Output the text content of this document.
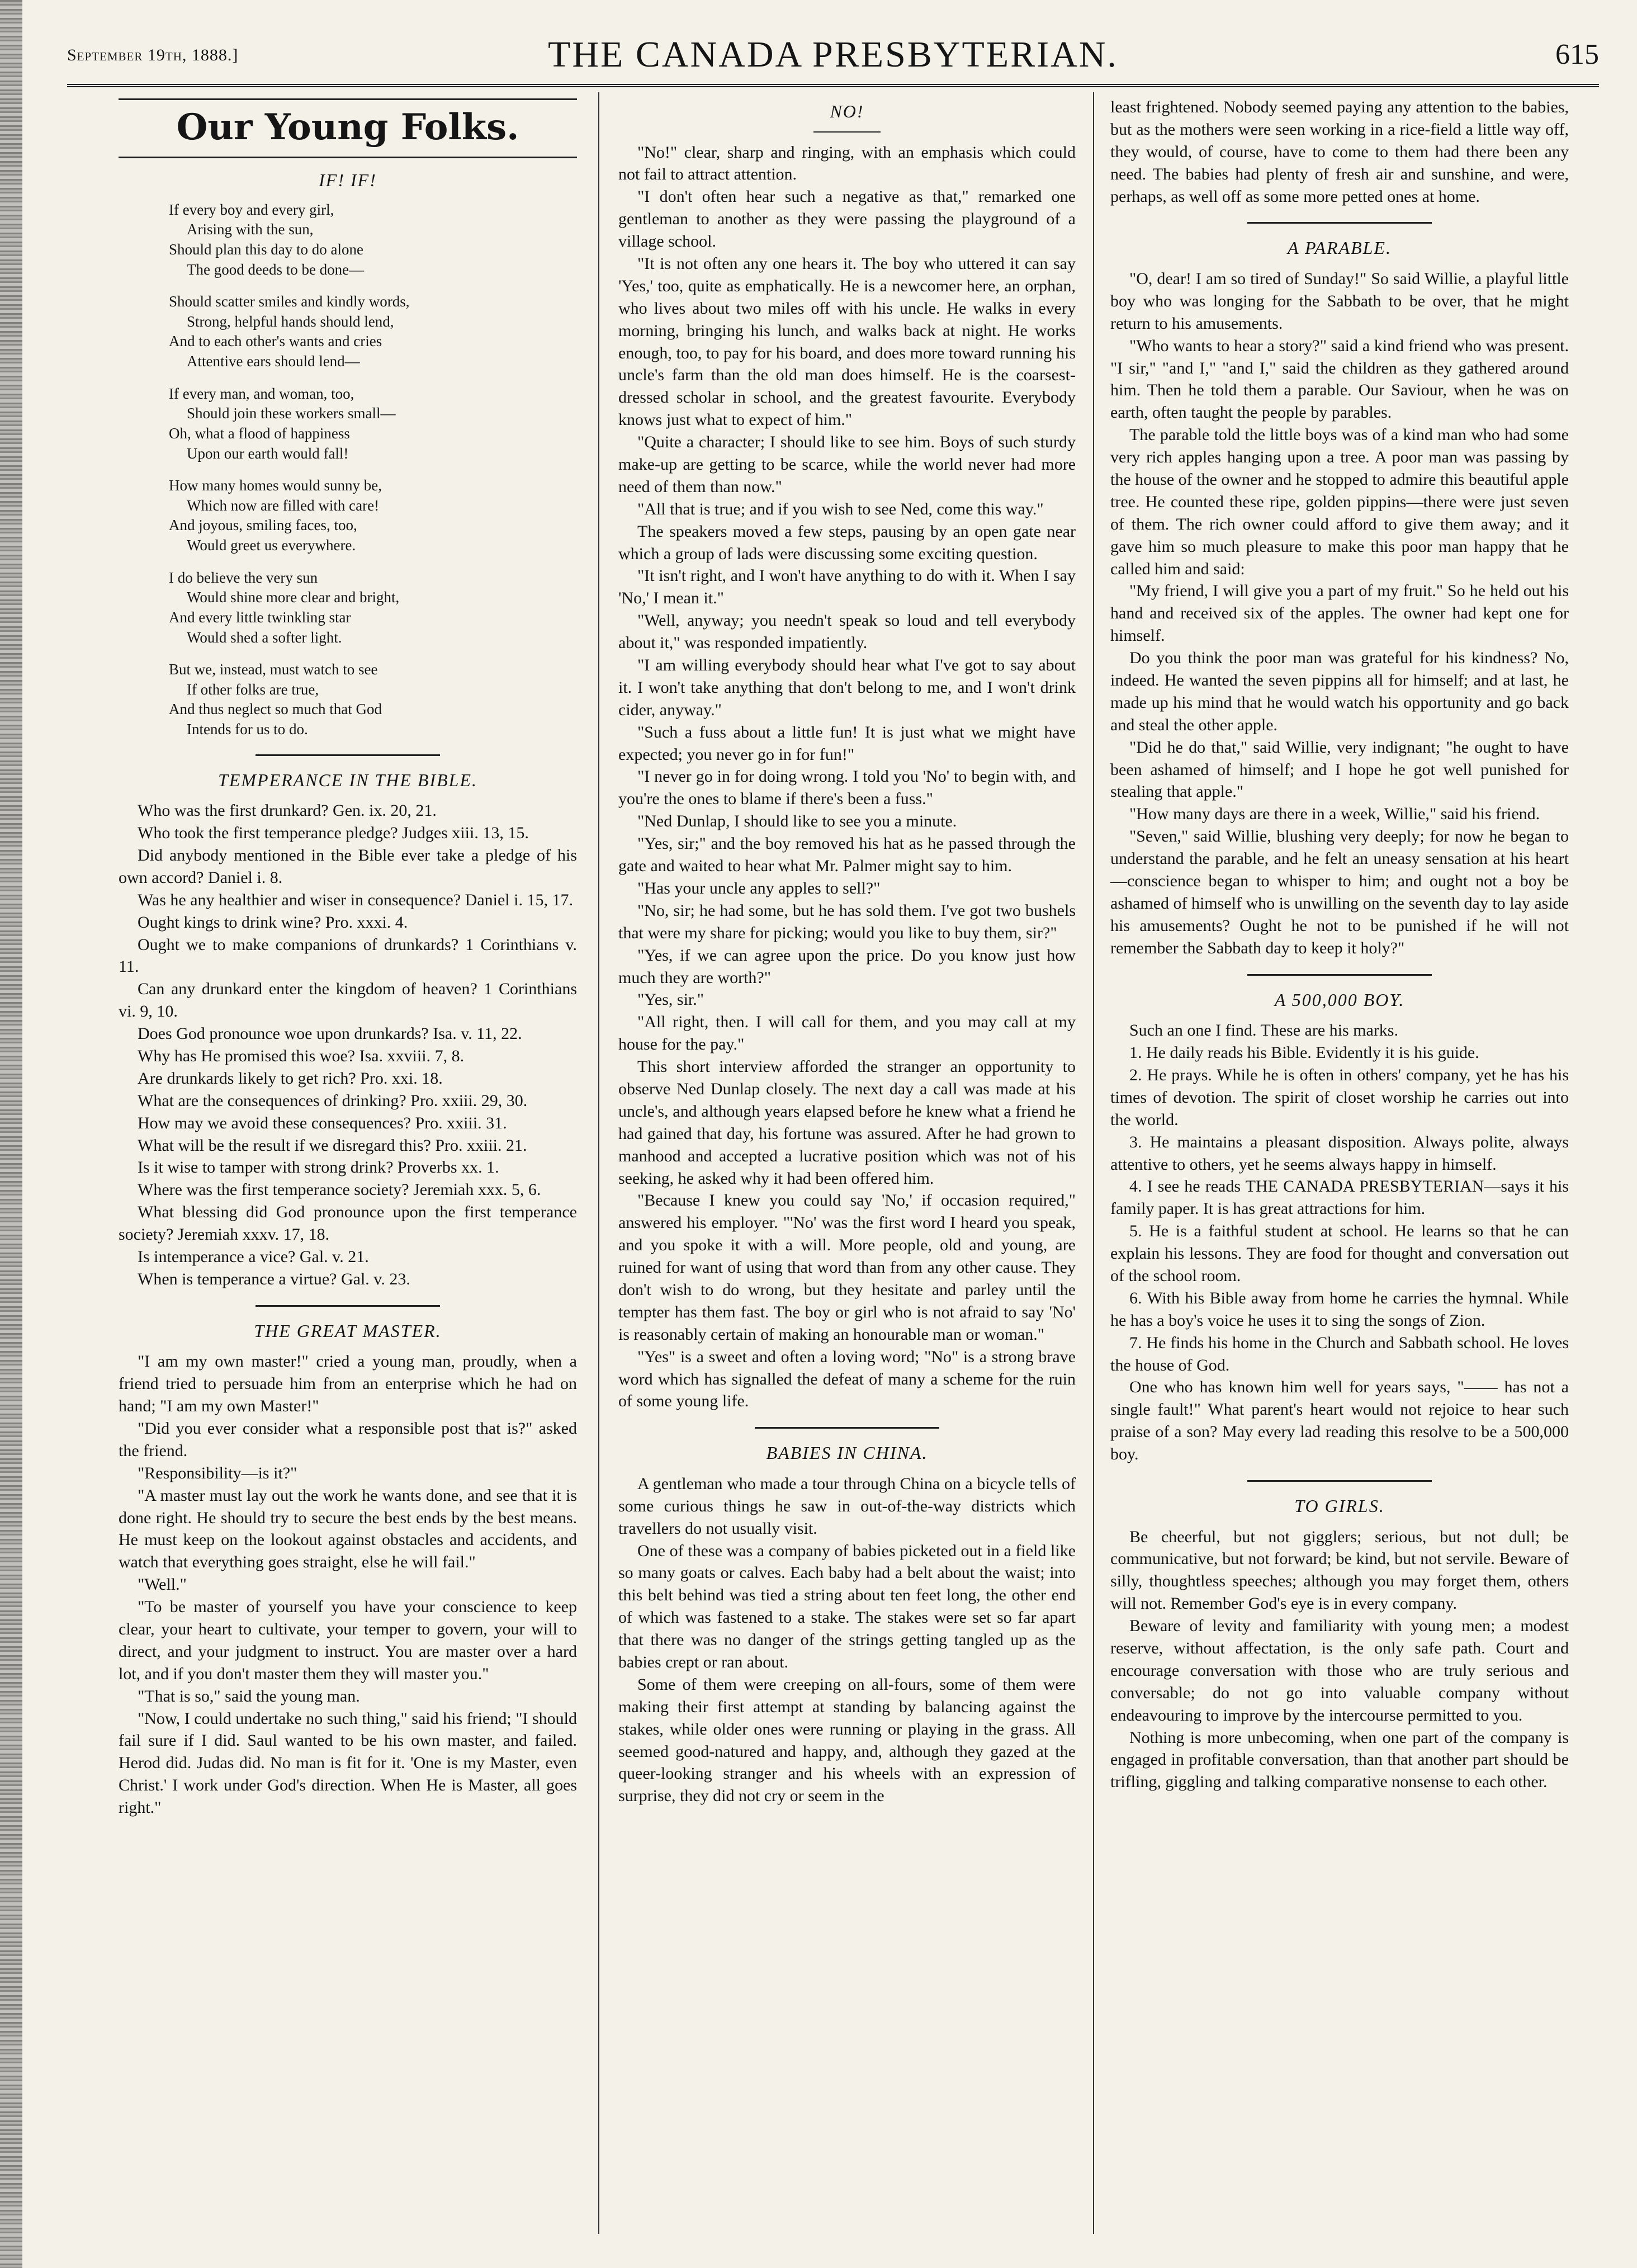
September 19th, 1888.]	THE CANADA PRESBYTERIAN.	615
Our Young Folks.
IF! IF!
If every boy and every girl,
Arising with the sun,
Should plan this day to do alone
The good deeds to be done—
Should scatter smiles and kindly words,
Strong, helpful hands should lend,
And to each other's wants and cries
Attentive ears should lend—
If every man, and woman, too,
Should join these workers small—
Oh, what a flood of happiness
Upon our earth would fall!
How many homes would sunny be,
Which now are filled with care!
And joyous, smiling faces, too,
Would greet us everywhere.
I do believe the very sun
Would shine more clear and bright,
And every little twinkling star
Would shed a softer light.
But we, instead, must watch to see
If other folks are true,
And thus neglect so much that God
Intends for us to do.
TEMPERANCE IN THE BIBLE.
Who was the first drunkard? Gen. ix. 20, 21.
Who took the first temperance pledge? Judges xiii. 13, 15.
Did anybody mentioned in the Bible ever take a pledge of his own accord? Daniel i. 8.
Was he any healthier and wiser in consequence? Daniel i. 15, 17.
Ought kings to drink wine? Pro. xxxi. 4.
Ought we to make companions of drunkards? 1 Corinthians v. 11.
Can any drunkard enter the kingdom of heaven? 1 Corinthians vi. 9, 10.
Does God pronounce woe upon drunkards? Isa. v. 11, 22.
Why has He promised this woe? Isa. xxviii. 7, 8.
Are drunkards likely to get rich? Pro. xxi. 18.
What are the consequences of drinking? Pro. xxiii. 29, 30.
How may we avoid these consequences? Pro. xxiii. 31.
What will be the result if we disregard this? Pro. xxiii. 21.
Is it wise to tamper with strong drink? Proverbs xx. 1.
Where was the first temperance society? Jeremiah xxx. 5, 6.
What blessing did God pronounce upon the first temperance society? Jeremiah xxxv. 17, 18.
Is intemperance a vice? Gal. v. 21.
When is temperance a virtue? Gal. v. 23.
THE GREAT MASTER.
"I am my own master!" cried a young man, proudly, when a friend tried to persuade him from an enterprise which he had on hand; "I am my own Master!"
"Did you ever consider what a responsible post that is?" asked the friend.
"Responsibility—is it?"
"A master must lay out the work he wants done, and see that it is done right. He should try to secure the best ends by the best means. He must keep on the lookout against obstacles and accidents, and watch that everything goes straight, else he will fail."
"Well."
"To be master of yourself you have your conscience to keep clear, your heart to cultivate, your temper to govern, your will to direct, and your judgment to instruct. You are master over a hard lot, and if you don't master them they will master you."
"That is so," said the young man.
"Now, I could undertake no such thing," said his friend; "I should fail sure if I did. Saul wanted to be his own master, and failed. Herod did. Judas did. No man is fit for it. 'One is my Master, even Christ.' I work under God's direction. When He is Master, all goes right."
NO!
"No!" clear, sharp and ringing, with an emphasis which could not fail to attract attention.
"I don't often hear such a negative as that," remarked one gentleman to another as they were passing the playground of a village school.
"It is not often any one hears it. The boy who uttered it can say 'Yes,' too, quite as emphatically. He is a newcomer here, an orphan, who lives about two miles off with his uncle. He walks in every morning, bringing his lunch, and walks back at night. He works enough, too, to pay for his board, and does more toward running his uncle's farm than the old man does himself. He is the coarsest-dressed scholar in school, and the greatest favourite. Everybody knows just what to expect of him."
"Quite a character; I should like to see him. Boys of such sturdy make-up are getting to be scarce, while the world never had more need of them than now."
"All that is true; and if you wish to see Ned, come this way."
The speakers moved a few steps, pausing by an open gate near which a group of lads were discussing some exciting question.
"It isn't right, and I won't have anything to do with it. When I say 'No,' I mean it."
"Well, anyway; you needn't speak so loud and tell everybody about it," was responded impatiently.
"I am willing everybody should hear what I've got to say about it. I won't take anything that don't belong to me, and I won't drink cider, anyway."
"Such a fuss about a little fun! It is just what we might have expected; you never go in for fun!"
"I never go in for doing wrong. I told you 'No' to begin with, and you're the ones to blame if there's been a fuss."
"Ned Dunlap, I should like to see you a minute.
"Yes, sir;" and the boy removed his hat as he passed through the gate and waited to hear what Mr. Palmer might say to him.
"Has your uncle any apples to sell?"
"No, sir; he had some, but he has sold them. I've got two bushels that were my share for picking; would you like to buy them, sir?"
"Yes, if we can agree upon the price. Do you know just how much they are worth?"
"Yes, sir."
"All right, then. I will call for them, and you may call at my house for the pay."
This short interview afforded the stranger an opportunity to observe Ned Dunlap closely. The next day a call was made at his uncle's, and although years elapsed before he knew what a friend he had gained that day, his fortune was assured. After he had grown to manhood and accepted a lucrative position which was not of his seeking, he asked why it had been offered him.
"Because I knew you could say 'No,' if occasion required," answered his employer. "'No' was the first word I heard you speak, and you spoke it with a will. More people, old and young, are ruined for want of using that word than from any other cause. They don't wish to do wrong, but they hesitate and parley until the tempter has them fast. The boy or girl who is not afraid to say 'No' is reasonably certain of making an honourable man or woman."
"Yes" is a sweet and often a loving word; "No" is a strong brave word which has signalled the defeat of many a scheme for the ruin of some young life.
BABIES IN CHINA.
A gentleman who made a tour through China on a bicycle tells of some curious things he saw in out-of-the-way districts which travellers do not usually visit.
One of these was a company of babies picketed out in a field like so many goats or calves. Each baby had a belt about the waist; into this belt behind was tied a string about ten feet long, the other end of which was fastened to a stake. The stakes were set so far apart that there was no danger of the strings getting tangled up as the babies crept or ran about.
Some of them were creeping on all-fours, some of them were making their first attempt at standing by balancing against the stakes, while older ones were running or playing in the grass. All seemed good-natured and happy, and, although they gazed at the queer-looking stranger and his wheels with an expression of surprise, they did not cry or seem in the
least frightened. Nobody seemed paying any attention to the babies, but as the mothers were seen working in a rice-field a little way off, they would, of course, have to come to them had there been any need. The babies had plenty of fresh air and sunshine, and were, perhaps, as well off as some more petted ones at home.
A PARABLE.
"O, dear! I am so tired of Sunday!" So said Willie, a playful little boy who was longing for the Sabbath to be over, that he might return to his amusements.
"Who wants to hear a story?" said a kind friend who was present. "I sir," "and I," "and I," said the children as they gathered around him. Then he told them a parable. Our Saviour, when he was on earth, often taught the people by parables.
The parable told the little boys was of a kind man who had some very rich apples hanging upon a tree. A poor man was passing by the house of the owner and he stopped to admire this beautiful apple tree. He counted these ripe, golden pippins—there were just seven of them. The rich owner could afford to give them away; and it gave him so much pleasure to make this poor man happy that he called him and said:
"My friend, I will give you a part of my fruit." So he held out his hand and received six of the apples. The owner had kept one for himself.
Do you think the poor man was grateful for his kindness? No, indeed. He wanted the seven pippins all for himself; and at last, he made up his mind that he would watch his opportunity and go back and steal the other apple.
"Did he do that," said Willie, very indignant; "he ought to have been ashamed of himself; and I hope he got well punished for stealing that apple."
"How many days are there in a week, Willie," said his friend.
"Seven," said Willie, blushing very deeply; for now he began to understand the parable, and he felt an uneasy sensation at his heart—conscience began to whisper to him; and ought not a boy be ashamed of himself who is unwilling on the seventh day to lay aside his amusements? Ought he not to be punished if he will not remember the Sabbath day to keep it holy?"
A 500,000 BOY.
Such an one I find. These are his marks.
1. He daily reads his Bible. Evidently it is his guide.
2. He prays. While he is often in others' company, yet he has his times of devotion. The spirit of closet worship he carries out into the world.
3. He maintains a pleasant disposition. Always polite, always attentive to others, yet he seems always happy in himself.
4. I see he reads THE CANADA PRESBYTERIAN—says it his family paper. It is has great attractions for him.
5. He is a faithful student at school. He learns so that he can explain his lessons. They are food for thought and conversation out of the school room.
6. With his Bible away from home he carries the hymnal. While he has a boy's voice he uses it to sing the songs of Zion.
7. He finds his home in the Church and Sabbath school. He loves the house of God.
One who has known him well for years says, "—— has not a single fault!" What parent's heart would not rejoice to hear such praise of a son? May every lad reading this resolve to be a 500,000 boy.
TO GIRLS.
Be cheerful, but not gigglers; serious, but not dull; be communicative, but not forward; be kind, but not servile. Beware of silly, thoughtless speeches; although you may forget them, others will not. Remember God's eye is in every company.
Beware of levity and familiarity with young men; a modest reserve, without affectation, is the only safe path. Court and encourage conversation with those who are truly serious and conversable; do not go into valuable company without endeavouring to improve by the intercourse permitted to you.
Nothing is more unbecoming, when one part of the company is engaged in profitable conversation, than that another part should be trifling, giggling and talking comparative nonsense to each other.
